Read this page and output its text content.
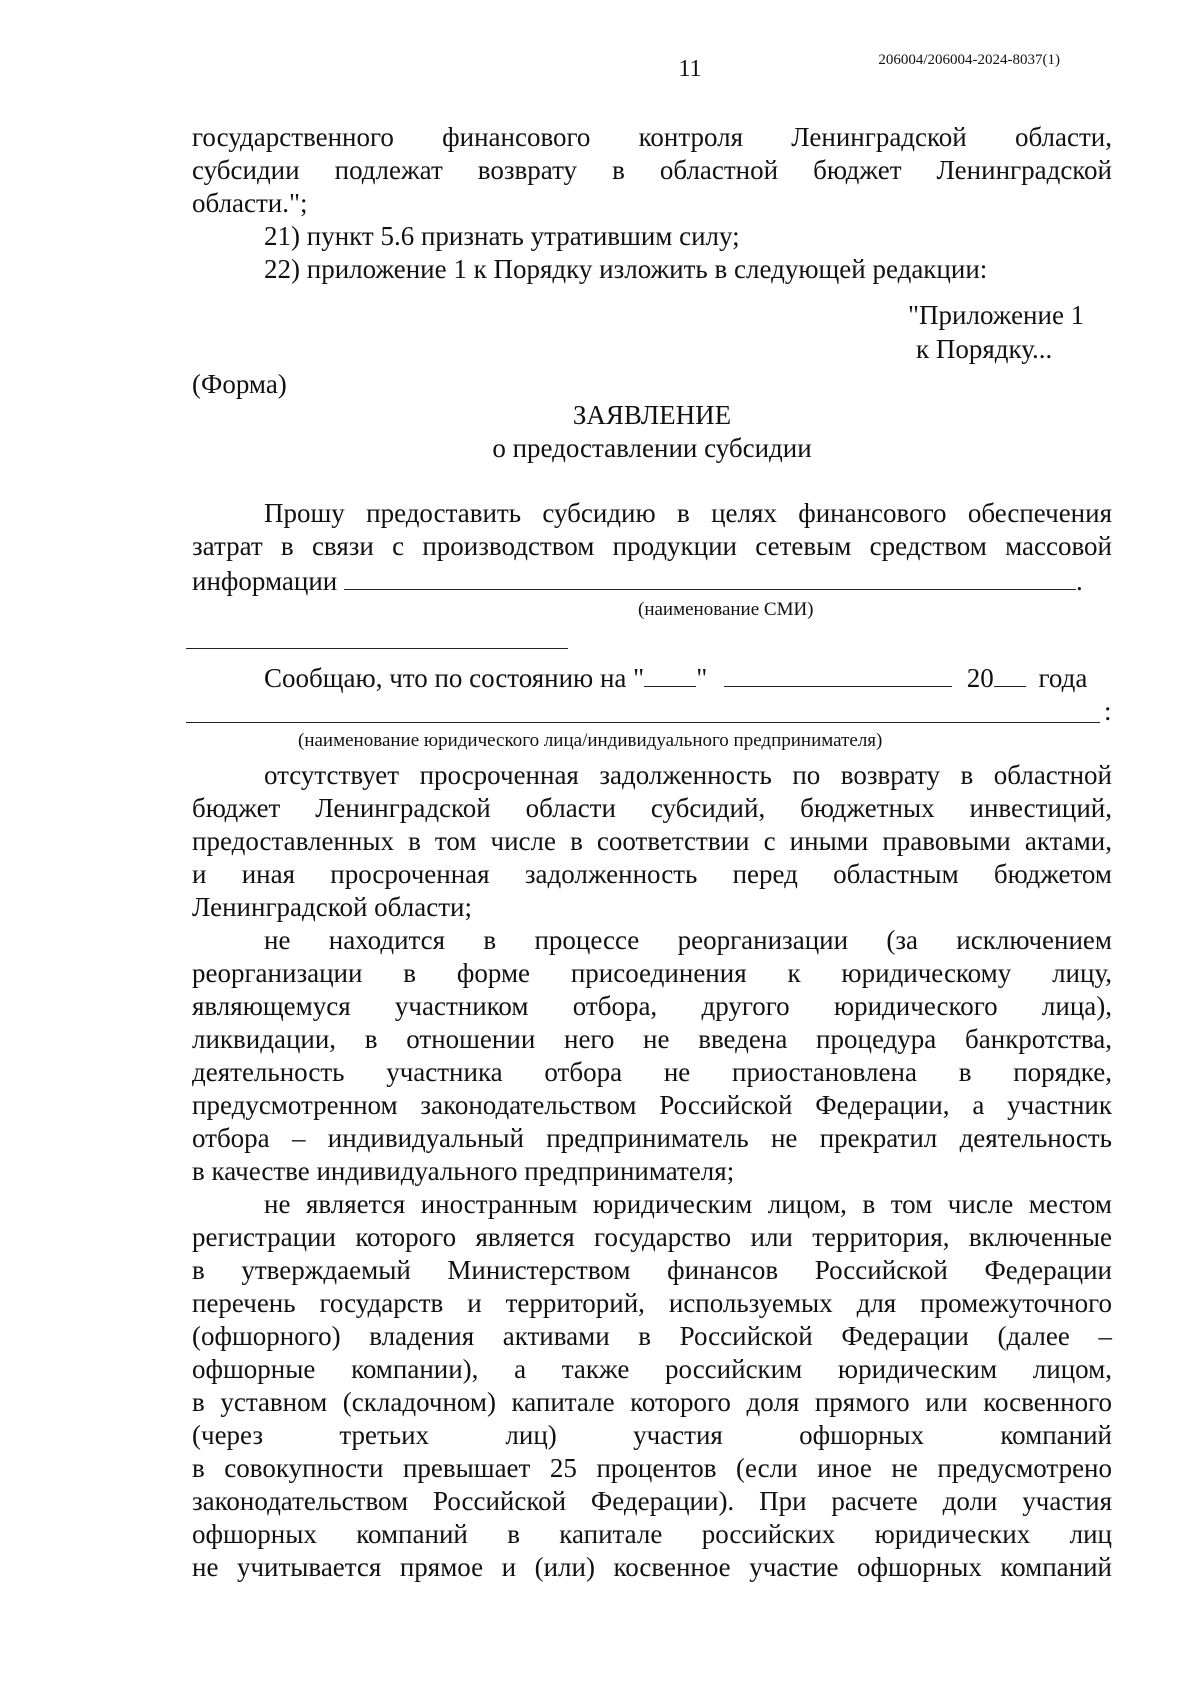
11	206004/206004-2024-8037(1)

государственного финансового контроля Ленинградской области,

субсидии подлежат возврату в областной бюджет Ленинградской

области.";

21) пункт 5.6 признать утратившим силу;

22) приложение 1 к Порядку изложить в следующей редакции:

"Приложение 1
к Порядку...
(Форма)
ЗАЯВЛЕНИЕ
о предоставлении субсидии

Прошу предоставить субсидию в целях финансового обеспечения

затрат в связи с производством продукции сетевым средством массовой

информации	.
(наименование СМИ)
Сообщаю, что по состоянию на " "	20 года
:
(наименование юридического лица/индивидуального предпринимателя)

отсутствует просроченная задолженность по возврату в областной

бюджет Ленинградской области субсидий, бюджетных инвестиций,

предоставленных в том числе в соответствии с иными правовыми актами,

и иная просроченная задолженность перед областным бюджетом

Ленинградской области;

не находится в процессе реорганизации (за исключением

реорганизации в форме присоединения к юридическому лицу,

являющемуся участником отбора, другого юридического лица),

ликвидации, в отношении него не введена процедура банкротства,

деятельность участника отбора не приостановлена в порядке,

предусмотренном законодательством Российской Федерации, а участник

отбора – индивидуальный предприниматель не прекратил деятельность

в качестве индивидуального предпринимателя;

не является иностранным юридическим лицом, в том числе местом

регистрации которого является государство или территория, включенные

в утверждаемый Министерством финансов Российской Федерации

перечень государств и территорий, используемых для промежуточного

(офшорного) владения активами в Российской Федерации (далее –

офшорные компании), а также российским юридическим лицом,

в уставном (складочном) капитале которого доля прямого или косвенного

(через третьих лиц) участия офшорных компаний

в совокупности превышает 25 процентов (если иное не предусмотрено

законодательством Российской Федерации). При расчете доли участия

офшорных компаний в капитале российских юридических лиц

не учитывается прямое и (или) косвенное участие офшорных компаний
